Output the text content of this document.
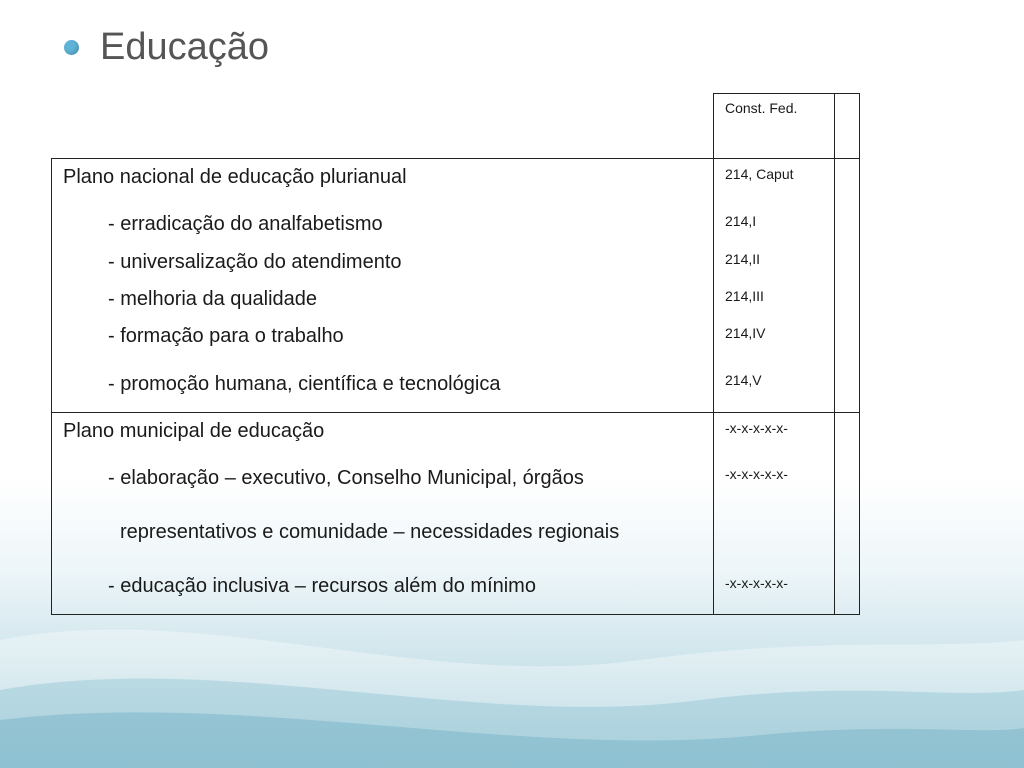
Educação
Const. Fed.
Plano nacional de educação plurianual	214, Caput
- erradicação do analfabetismo	214,I
- universalização do atendimento	214,II
- melhoria da qualidade	214,III
- formação para o trabalho	214,IV
- promoção humana, científica e tecnológica	214,V
Plano municipal de educação	-x-x-x-x-x-
- elaboração – executivo, Conselho Municipal, órgãos	-x-x-x-x-x-
representativos e comunidade – necessidades regionais
- educação inclusiva – recursos além do mínimo	-x-x-x-x-x-
